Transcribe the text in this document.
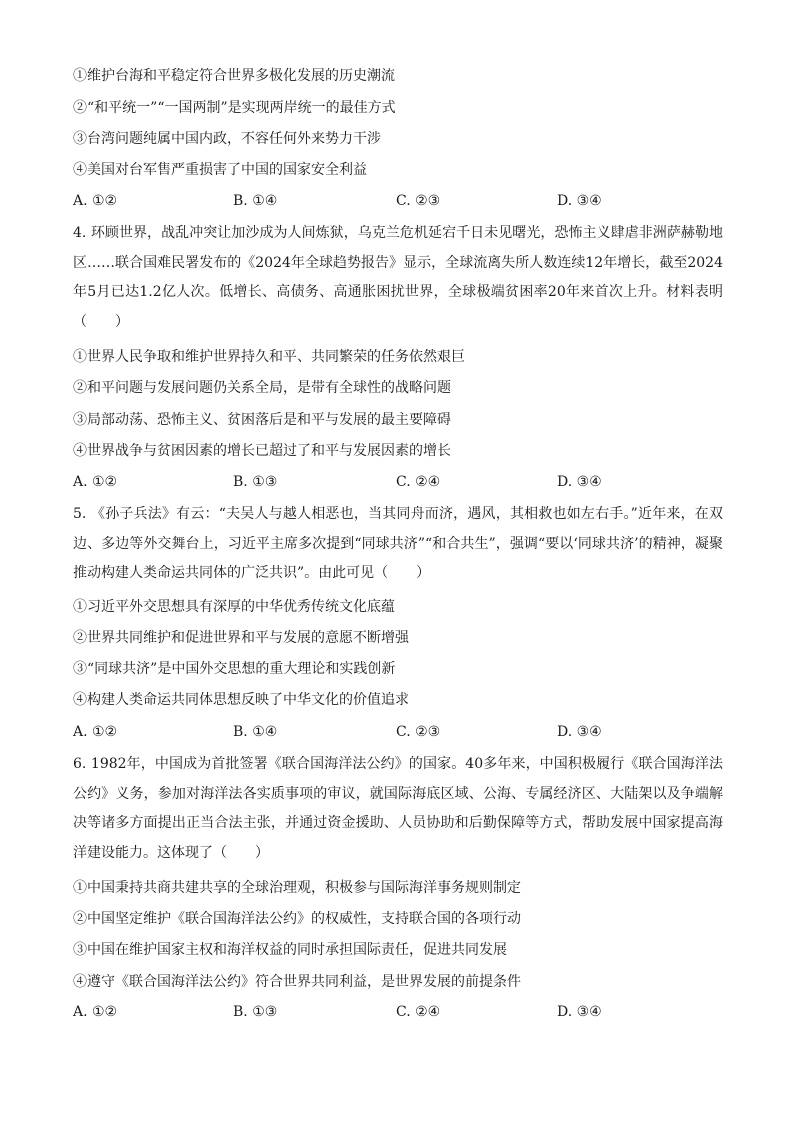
①维护台海和平稳定符合世界多极化发展的历史潮流
②“和平统一”“一国两制”是实现两岸统一的最佳方式
③台湾问题纯属中国内政，不容任何外来势力干涉
④美国对台军售严重损害了中国的国家安全利益
A. ①②	B. ①④	C. ②③	D. ③④
4. 环顾世界，战乱冲突让加沙成为人间炼狱，乌克兰危机延宕千日未见曙光，恐怖主义肆虐非洲萨赫勒地区……联合国难民署发布的《2024年全球趋势报告》显示，全球流离失所人数连续12年增长，截至2024年5月已达1.2亿人次。低增长、高债务、高通胀困扰世界，全球极端贫困率20年来首次上升。材料表明（　　）
①世界人民争取和维护世界持久和平、共同繁荣的任务依然艰巨
②和平问题与发展问题仍关系全局，是带有全球性的战略问题
③局部动荡、恐怖主义、贫困落后是和平与发展的最主要障碍
④世界战争与贫困因素的增长已超过了和平与发展因素的增长
A. ①②	B. ①③	C. ②④	D. ③④
5. 《孙子兵法》有云：“夫吴人与越人相恶也，当其同舟而济，遇风，其相救也如左右手。”近年来，在双边、多边等外交舞台上，习近平主席多次提到“同球共济”“和合共生”，强调“要以‘同球共济’的精神，凝聚推动构建人类命运共同体的广泛共识”。由此可见（　　）
①习近平外交思想具有深厚的中华优秀传统文化底蕴
②世界共同维护和促进世界和平与发展的意愿不断增强
③“同球共济”是中国外交思想的重大理论和实践创新
④构建人类命运共同体思想反映了中华文化的价值追求
A. ①②	B. ①④	C. ②③	D. ③④
6. 1982年，中国成为首批签署《联合国海洋法公约》的国家。40多年来，中国积极履行《联合国海洋法公约》义务，参加对海洋法各实质事项的审议，就国际海底区域、公海、专属经济区、大陆架以及争端解决等诸多方面提出正当合法主张，并通过资金援助、人员协助和后勤保障等方式，帮助发展中国家提高海洋建设能力。这体现了（　　）
①中国秉持共商共建共享的全球治理观，积极参与国际海洋事务规则制定
②中国坚定维护《联合国海洋法公约》的权威性，支持联合国的各项行动
③中国在维护国家主权和海洋权益的同时承担国际责任，促进共同发展
④遵守《联合国海洋法公约》符合世界共同利益，是世界发展的前提条件
A. ①②	B. ①③	C. ②④	D. ③④
